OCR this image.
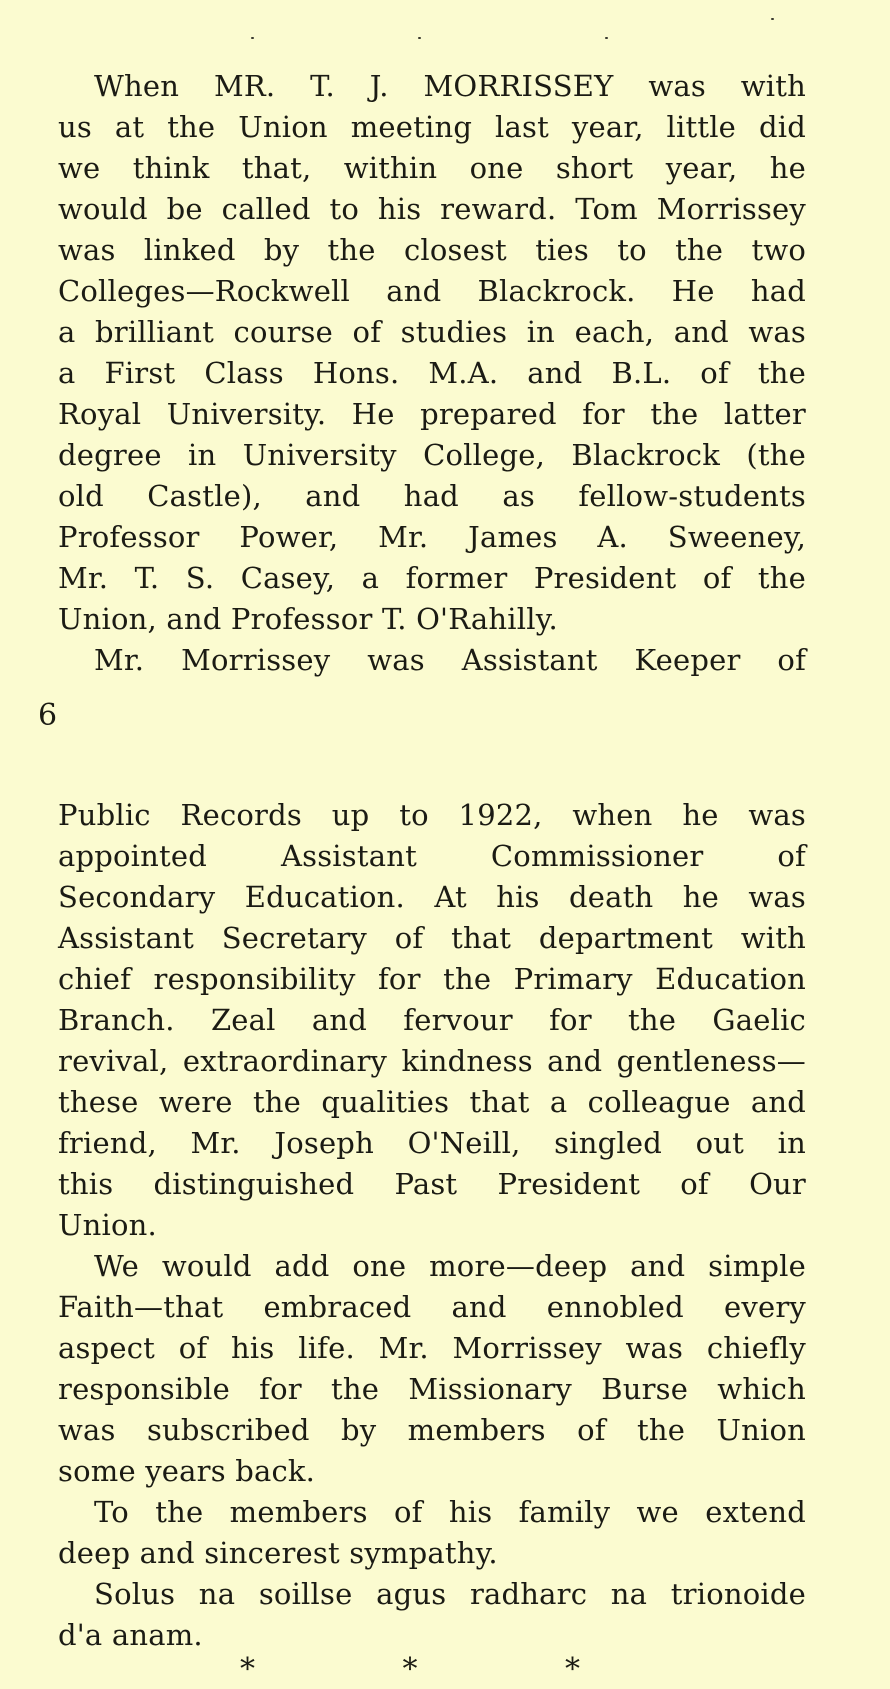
When MR. T. J. MORRISSEY was with
us at the Union meeting last year, little did
we think that, within one short year, he
would be called to his reward. Tom Morrissey
was linked by the closest ties to the two
Colleges—Rockwell and Blackrock. He had
a brilliant course of studies in each, and was
a First Class Hons. M.A. and B.L. of the
Royal University. He prepared for the latter
degree in University College, Blackrock (the
old Castle), and had as fellow-students
Professor Power, Mr. James A. Sweeney,
Mr. T. S. Casey, a former President of the
Union, and Professor T. O'Rahilly.
Mr. Morrissey was Assistant Keeper of
6
Public Records up to 1922, when he was
appointed Assistant Commissioner of
Secondary Education. At his death he was
Assistant Secretary of that department with
chief responsibility for the Primary Education
Branch. Zeal and fervour for the Gaelic
revival, extraordinary kindness and gentleness—
these were the qualities that a colleague and
friend, Mr. Joseph O'Neill, singled out in
this distinguished Past President of Our
Union.
We would add one more—deep and simple
Faith—that embraced and ennobled every
aspect of his life. Mr. Morrissey was chiefly
responsible for the Missionary Burse which
was subscribed by members of the Union
some years back.
To the members of his family we extend
deep and sincerest sympathy.
Solus na soillse agus radharc na trionoide
d'a anam.
*	*	*
